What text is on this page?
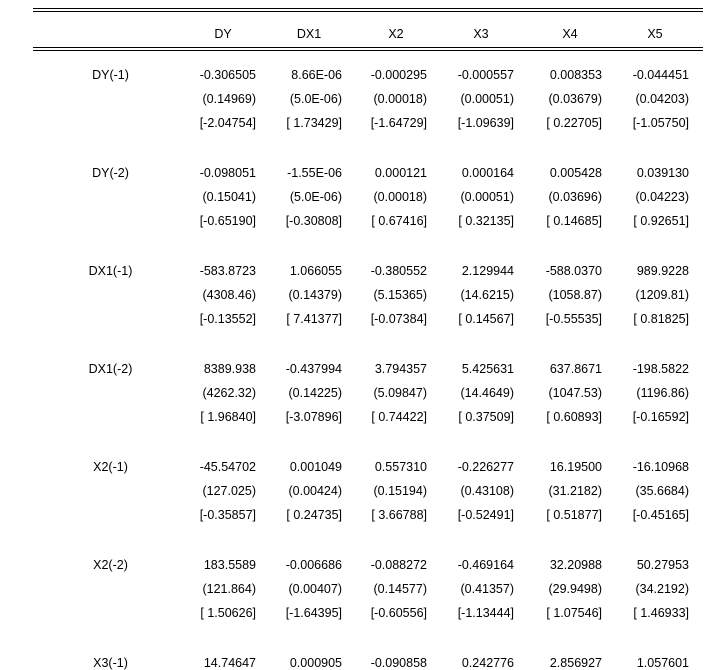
DY	DX1	X2	X3	X4	X5
DY(-1)	-0.306505	8.66E-06 -0.000295 -0.000557	0.008353 -0.044451
(0.14969)	(5.0E-06)	(0.00018)	(0.00051)	(0.03679)	(0.04203)
[-2.04754] [ 1.73429] [-1.64729] [-1.09639]	[ 0.22705] [-1.05750]
DY(-2)	-0.098051 -1.55E-06	0.000121	0.000164	0.005428	0.039130
(0.15041)	(5.0E-06)	(0.00018)	(0.00051)	(0.03696)	(0.04223)
[-0.65190] [-0.30808] [ 0.67416]	[ 0.32135]	[ 0.14685]	[ 0.92651]
DX1(-1)	-583.8723	1.066055 -0.380552	2.129944	-588.0370	989.9228
(4308.46)	(0.14379)	(5.15365)	(14.6215)	(1058.87)	(1209.81)
[-0.13552] [ 7.41377] [-0.07384]	[ 0.14567]	[-0.55535]	[ 0.81825]
DX1(-2)	8389.938 -0.437994	3.794357	5.425631	637.8671 -198.5822
(4262.32)	(0.14225)	(5.09847)	(14.4649)	(1047.53)	(1196.86)
[ 1.96840] [-3.07896] [ 0.74422]	[ 0.37509]	[ 0.60893] [-0.16592]
X2(-1)	-45.54702	0.001049	0.557310 -0.226277	16.19500 -16.10968
(127.025)	(0.00424)	(0.15194)	(0.43108)	(31.2182)	(35.6684)
[-0.35857] [ 0.24735] [ 3.66788] [-0.52491]	[ 0.51877] [-0.45165]
X2(-2)	183.5589 -0.006686 -0.088272 -0.469164	32.20988	50.27953
(121.864)	(0.00407)	(0.14577)	(0.41357)	(29.9498)	(34.2192)
[ 1.50626] [-1.64395] [-0.60556] [-1.13444]	[ 1.07546]	[ 1.46933]
X3(-1)	14.74647	0.000905 -0.090858	0.242776	2.856927	1.057601
